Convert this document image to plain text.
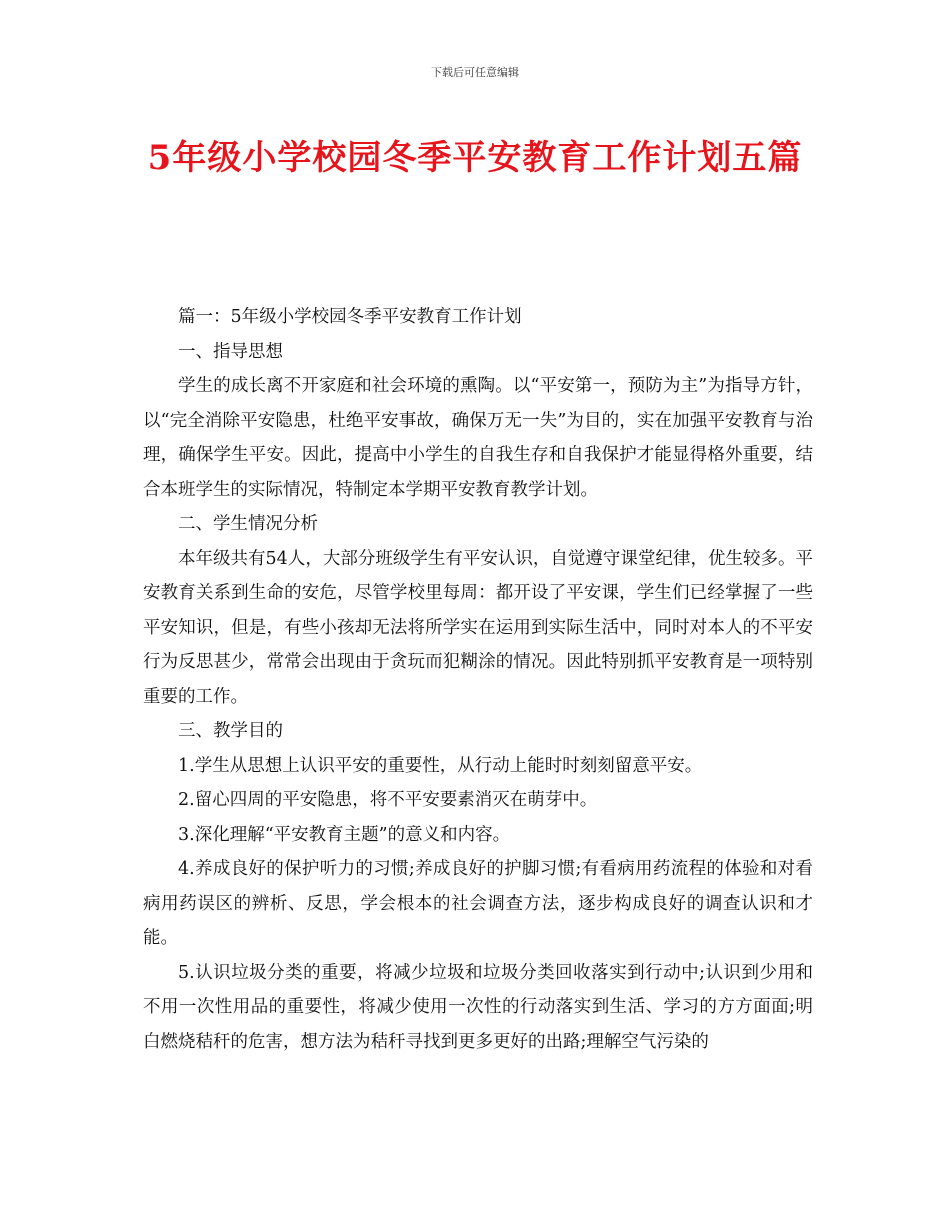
下载后可任意编辑
5年级小学校园冬季平安教育工作计划五篇

篇一：5年级小学校园冬季平安教育工作计划

一、指导思想

学生的成长离不开家庭和社会环境的熏陶。以“平安第一，预防为主”为指导方针，以“完全消除平安隐患，杜绝平安事故，确保万无一失”为目的，实在加强平安教育与治理，确保学生平安。因此，提高中小学生的自我生存和自我保护才能显得格外重要，结合本班学生的实际情况，特制定本学期平安教育教学计划。

二、学生情况分析

本年级共有54人，大部分班级学生有平安认识，自觉遵守课堂纪律，优生较多。平安教育关系到生命的安危，尽管学校里每周：都开设了平安课，学生们已经掌握了一些平安知识，但是，有些小孩却无法将所学实在运用到实际生活中，同时对本人的不平安行为反思甚少，常常会出现由于贪玩而犯糊涂的情况。因此特别抓平安教育是一项特别重要的工作。

三、教学目的

1.学生从思想上认识平安的重要性，从行动上能时时刻刻留意平安。

2.留心四周的平安隐患，将不平安要素消灭在萌芽中。

3.深化理解“平安教育主题”的意义和内容。

4.养成良好的保护听力的习惯;养成良好的护脚习惯;有看病用药流程的体验和对看病用药误区的辨析、反思，学会根本的社会调查方法，逐步构成良好的调查认识和才能。

5.认识垃圾分类的重要，将减少垃圾和垃圾分类回收落实到行动中;认识到少用和不用一次性用品的重要性，将减少使用一次性的行动落实到生活、学习的方方面面;明白燃烧秸秆的危害，想方法为秸秆寻找到更多更好的出路;理解空气污染的
